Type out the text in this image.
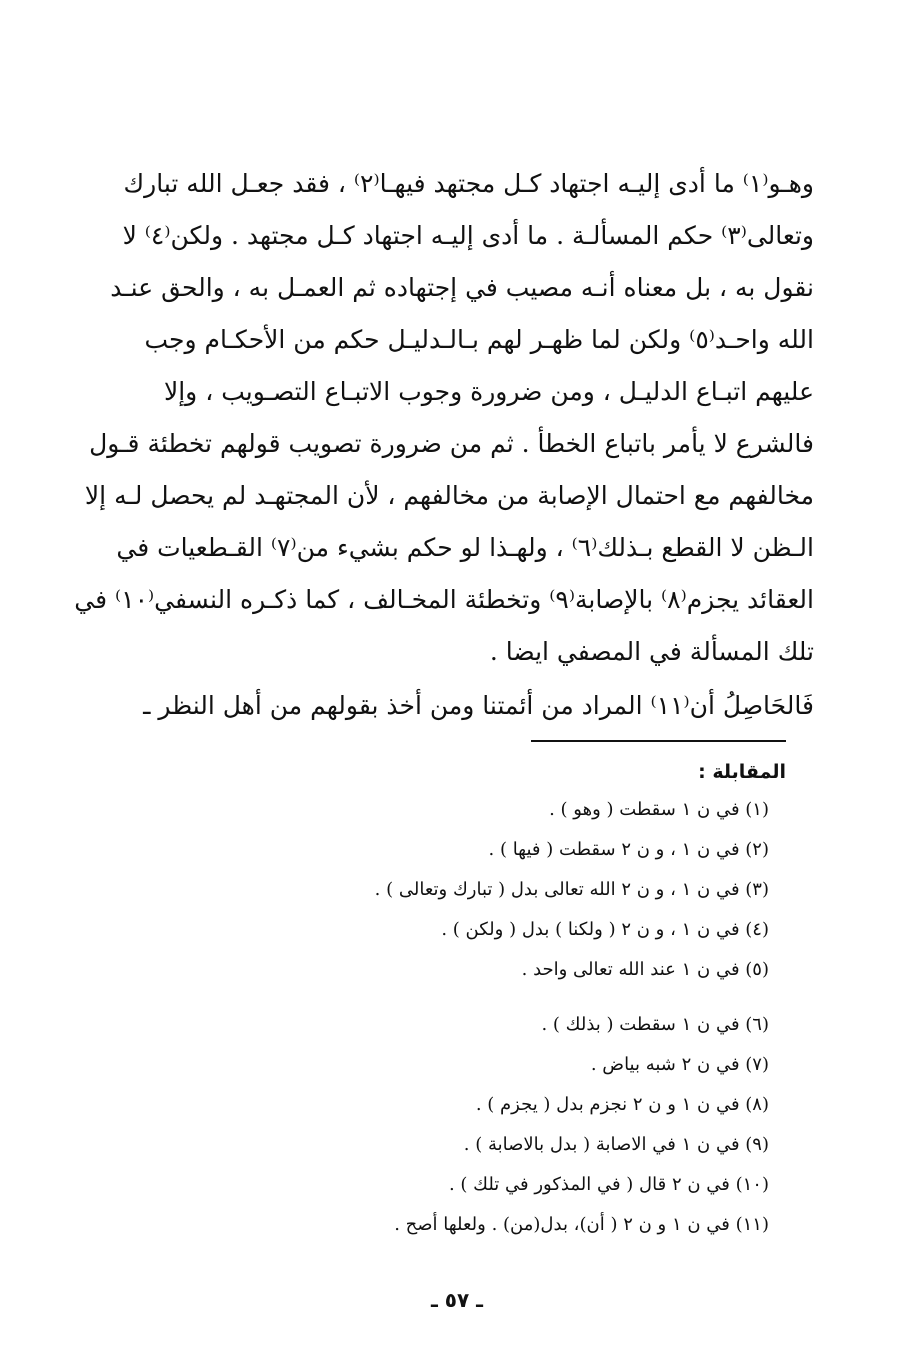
وهـو⁽١⁾ ما أدى إليـه اجتهاد كـل مجتهد فيهـا⁽٢⁾ ، فقد جعـل الله تبارك
وتعالى⁽٣⁾ حكم المسألـة . ما أدى إليـه اجتهاد كـل مجتهد . ولكن⁽٤⁾ لا
نقول به ، بل معناه أنـه مصيب في إجتهاده ثم العمـل به ، والحق عنـد
الله واحـد⁽٥⁾ ولكن لما ظهـر لهم بـالـدليـل حكم من الأحكـام وجب
عليهم اتبـاع الدليـل ، ومن ضرورة وجوب الاتبـاع التصـويب ، وإلا
فالشرع لا يأمر باتباع الخطأ . ثم من ضرورة تصويب قولهم تخطئة قـول
مخالفهم مع احتمال الإصابة من مخالفهم ، لأن المجتهـد لم يحصل لـه إلا
الـظن لا القطع بـذلك⁽٦⁾ ، ولهـذا لو حكم بشيء من⁽٧⁾ القـطعيات في
العقائد يجزم⁽٨⁾ بالإصابة⁽٩⁾ وتخطئة المخـالف ، كما ذكـره النسفي⁽١٠⁾ في
تلك المسألة في المصفي ايضا .
فَالحَاصِلُ أن⁽١١⁾ المراد من أئمتنا ومن أخذ بقولهم من أهل النظر ـ
المقابلة :
(١) في ن ١ سقطت ( وهو ) .
(٢) في ن ١ ، و ن ٢ سقطت ( فيها ) .
(٣) في ن ١ ، و ن ٢ الله تعالى بدل ( تبارك وتعالى ) .
(٤) في ن ١ ، و ن ٢ ( ولكنا ) بدل ( ولكن ) .
(٥) في ن ١ عند الله تعالى واحد .
(٦) في ن ١ سقطت ( بذلك ) .
(٧) في ن ٢ شبه بياض .
(٨) في ن ١ و ن ٢ نجزم بدل ( يجزم ) .
(٩) في ن ١ في الاصابة ( بدل بالاصابة ) .
(١٠) في ن ٢ قال ( في المذكور في تلك ) .
(١١) في ن ١ و ن ٢ ( أن)، بدل(من) . ولعلها أصح .
ـ ٥٧ ـ
